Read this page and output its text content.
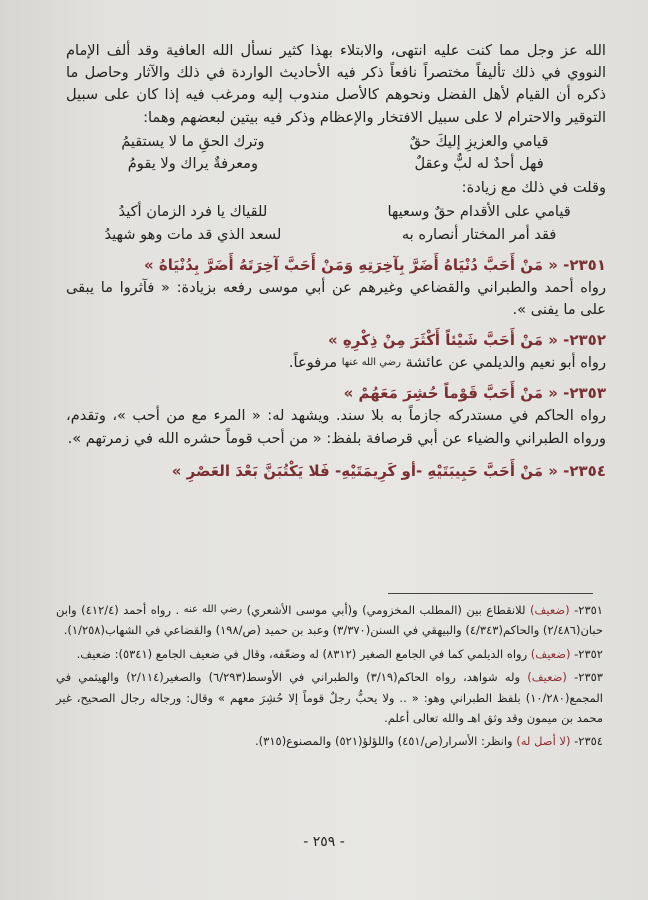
الله عز وجل مما كنت عليه انتهى، والابتلاء بهذا كثير نسأل الله العافية وقد ألف الإمام النووي في ذلك تأليفاً مختصراً نافعاً ذكر فيه الأحاديث الواردة في ذلك والآثار وحاصل ما ذكره أن القيام لأهل الفضل ونحوهم كالأصل مندوب إليه ومرغب فيه إذا كان على سبيل التوقير والاحترام لا على سبيل الافتخار والإعظام وذكر فيه بيتين لبعضهم وهما:

قيامي والعزيزِ إليكَ حقٌ		وترك الحقِ ما لا يستقيمُ
فهل أحدٌ له لبٌّ وعقلٌ		ومعرفةٌ يراك ولا يقومُ

وقلت في ذلك مع زيادة:

قيامي على الأقدام حقٌ وسعيها		للقياك يا فرد الزمان أكيدُ
فقد أمر المختار أنصاره به		لسعد الذي قد مات وهو شهيدُ

٢٣٥١- « مَنْ أَحَبَّ دُنْيَاهُ أَضَرَّ بِآخِرَتِهِ وَمَنْ أَحَبَّ آخِرَتَهُ أَضَرَّ بِدُنْيَاهُ »

رواه أحمد والطبراني والقضاعي وغيرهم عن أبي موسى رفعه بزيادة: « فآثروا ما يبقى على ما يفنى ».

٢٣٥٢- « مَنْ أَحَبَّ شَيْئاً أَكْثَرَ مِنْ ذِكْرِهِ »

رواه أبو نعيم والديلمي عن عائشة رضي الله عنها مرفوعاً.

٢٣٥٣- « مَنْ أَحَبَّ قَوْماً حُشِرَ مَعَهُمْ »

رواه الحاكم في مستدركه جازماً به بلا سند. ويشهد له: « المرء مع من أحب »، وتقدم، ورواه الطبراني والضياء عن أبي قرصافة بلفظ: « من أحب قوماً حشره الله في زمرتهم ».

٢٣٥٤- « مَنْ أَحَبَّ حَبِيبَتَيْهِ -أو كَرِيمَتَيْهِ- فَلا يَكْتُبَنَّ بَعْدَ العَصْرِ »

٢٣٥١- (ضعيف) للانقطاع بين (المطلب المخزومي) و(أبي موسى الأشعري) رضي الله عنه . رواه أحمد (٤١٢/٤) وابن حبان(٢/٤٨٦) والحاكم(٤/٣٤٣) والبيهقي في السنن(٣/٣٧٠) وعبد بن حميد (ص/١٩٨) والقضاعي في الشهاب(١/٢٥٨).

٢٣٥٢- (ضعيف) رواه الديلمي كما في الجامع الصغير (٨٣١٢) له وضعّفه، وقال في ضعيف الجامع (٥٣٤١): ضعيف.

٢٣٥٣- (ضعيف) وله شواهد، رواه الحاكم(٣/١٩) والطبراني في الأوسط(٦/٢٩٣) والصغير(٢/١١٤) والهيثمي في المجمع(١٠/٢٨٠) بلفظ الطبراني وهو: « .. ولا يحبُّ رجلٌ قوماً إلا حُشِرَ معهم » وقال: ورجاله رجال الصحيح، غير محمد بن ميمون وقد وثق اهـ والله تعالى أعلم.

٢٣٥٤- (لا أصل له) وانظر: الأسرار(ص/٤٥١) واللؤلؤ(٥٢١) والمصنوع(٣١٥).

- ٢٥٩ -
